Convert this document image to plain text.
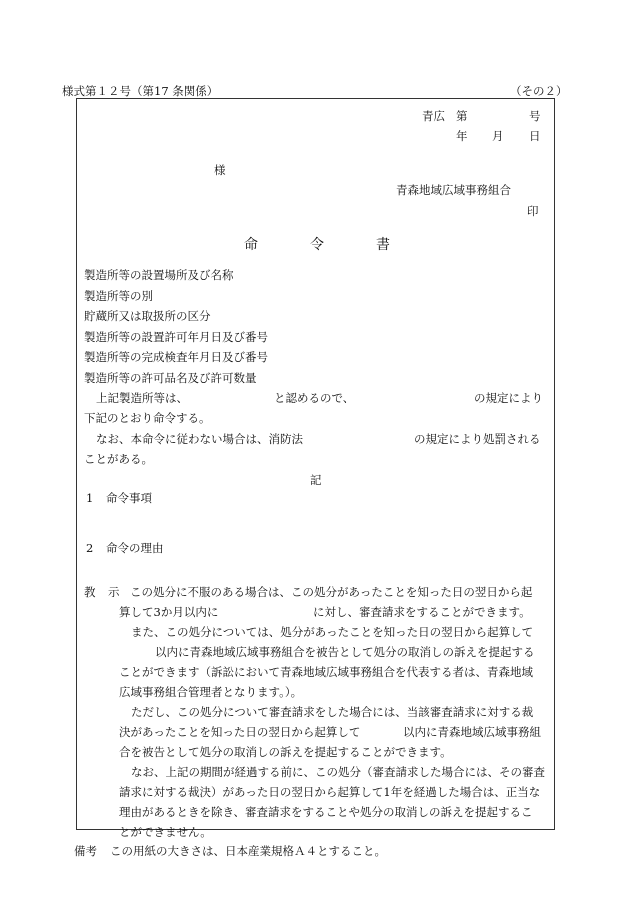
様式第１２号（第17 条関係）	（その２）
青広 第	号
年 月 日
様
青森地域広域事務組合
印
命	令	書
製造所等の設置場所及び名称
製造所等の別
貯蔵所又は取扱所の区分
製造所等の設置許可年月日及び番号
製造所等の完成検査年月日及び番号
製造所等の許可品名及び許可数量
上記製造所等は、	と認めるので、	の規定により
下記のとおり命令する。
なお、本命令に従わない場合は、消防法	の規定により処罰される
ことがある。
記
1 命令事項
2 命令の理由
教 示 この処分に不服のある場合は、この処分があったことを知った日の翌日から起
算して3か月以内に	に対し、審査請求をすることができます。
また、この処分については、処分があったことを知った日の翌日から起算して
以内に青森地域広域事務組合を被告として処分の取消しの訴えを提起する
ことができます（訴訟において青森地域広域事務組合を代表する者は、青森地域
広域事務組合管理者となります。）。
ただし、この処分について審査請求をした場合には、当該審査請求に対する裁
決があったことを知った日の翌日から起算して	以内に青森地域広域事務組
合を被告として処分の取消しの訴えを提起することができます。
なお、上記の期間が経過する前に、この処分（審査請求した場合には、その審査
請求に対する裁決）があった日の翌日から起算して1年を経過した場合は、正当な
理由があるときを除き、審査請求をすることや処分の取消しの訴えを提起するこ
とができません。
備考 この用紙の大きさは、日本産業規格Ａ４とすること。
